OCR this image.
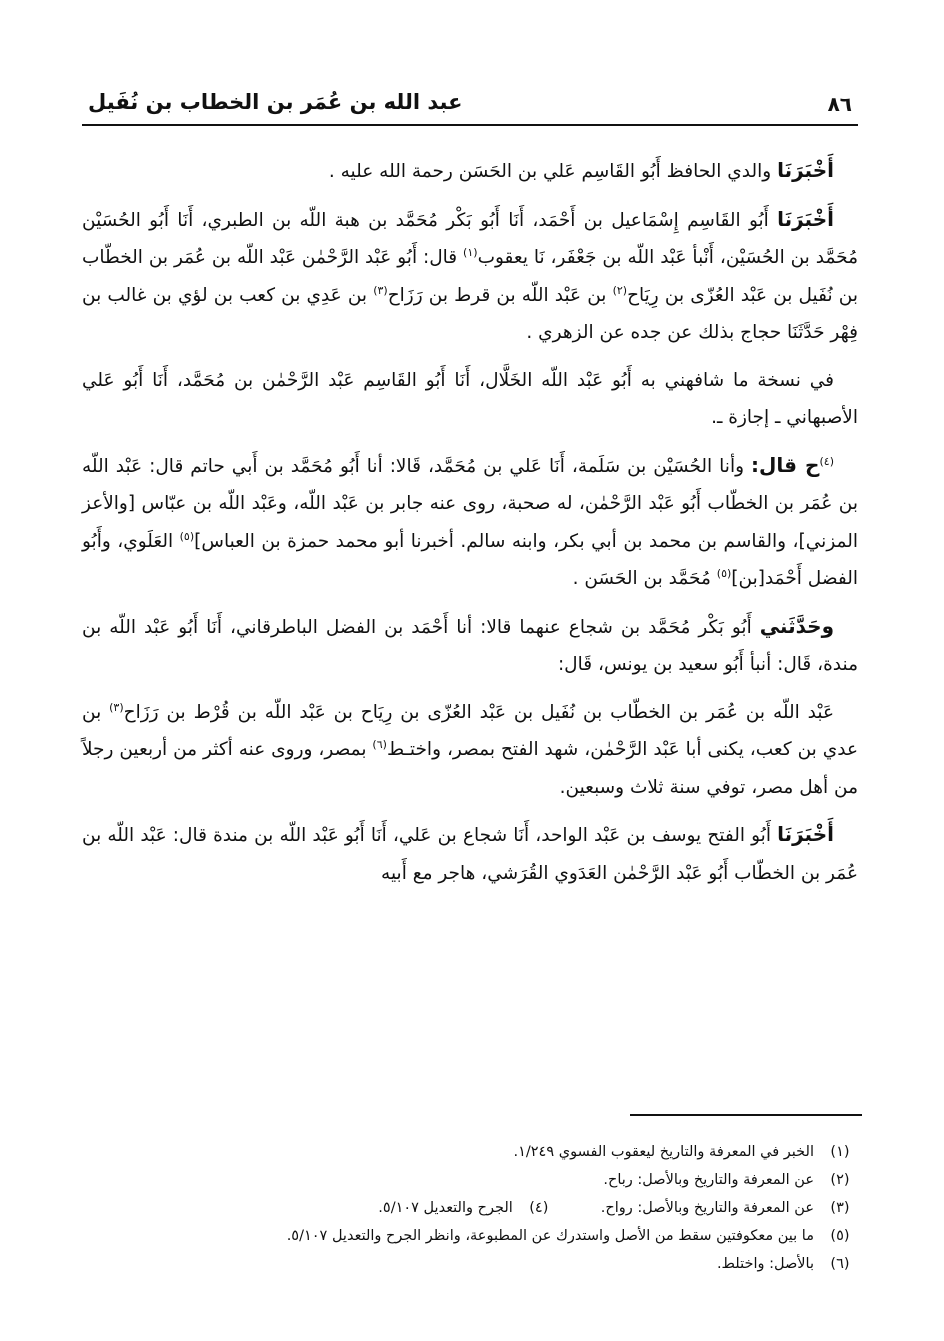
٨٦
عبد الله بن عُمَر بن الخطاب بن نُفَيل

أَخْبَرَنَا والدي الحافظ أَبُو القَاسِم عَلي بن الحَسَن رحمة الله عليه .

أَخْبَرَنَا أَبُو القَاسِم إِسْمَاعيل بن أَحْمَد، أَنَا أَبُو بَكْر مُحَمَّد بن هبة اللّه بن الطبري، أَنَا أَبُو الحُسَيْن مُحَمَّد بن الحُسَيْن، أَنْبأ عَبْد اللّه بن جَعْفَر، نَا يعقوب$^{(١)}$ قال: أَبُو عَبْد الرَّحْمٰن عَبْد اللّه بن عُمَر بن الخطّاب بن نُفَيل بن عَبْد العُزّى بن رِيَاح$^{(٢)}$ بن عَبْد اللّه بن قرط بن رَزَاح$^{(٣)}$ بن عَدِي بن كعب بن لؤي بن غالب بن فِهْر حَدَّثَنَا حجاج بذلك عن جده عن الزهري .

في نسخة ما شافهني به أَبُو عَبْد اللّه الخَلَّال، أَنَا أَبُو القَاسِم عَبْد الرَّحْمٰن بن مُحَمَّد، أَنَا أَبُو عَلي الأصبهاني ـ إجازة ـ.

$^{(٤)}$ح قال: وأنا الحُسَيْن بن سَلَمة، أَنَا عَلي بن مُحَمَّد، قَالا: أنا أَبُو مُحَمَّد بن أَبي حاتم قال: عَبْد اللّه بن عُمَر بن الخطّاب أَبُو عَبْد الرَّحْمٰن، له صحبة، روى عنه جابر بن عَبْد اللّه، وعَبْد اللّه بن عبّاس [والأعز المزني]، والقاسم بن محمد بن أبي بكر، وابنه سالم. أخبرنا أبو محمد حمزة بن العباس]$^{(٥)}$ العَلَوي، وأَبُو الفضل أَحْمَد[بن]$^{(٥)}$ مُحَمَّد بن الحَسَن .

وحَدَّثَني أَبُو بَكْر مُحَمَّد بن شجاع عنهما قالا: أنا أَحْمَد بن الفضل الباطرقاني، أَنَا أَبُو عَبْد اللّه بن مندة، قَال: أنبأ أَبُو سعيد بن يونس، قَال:

عَبْد اللّه بن عُمَر بن الخطّاب بن نُفَيل بن عَبْد العُزّى بن رِيَاح بن عَبْد اللّه بن قُرْط بن رَزَاح$^{(٣)}$ بن عدي بن كعب، يكنى أبا عَبْد الرَّحْمٰن، شهد الفتح بمصر، واختـط$^{(٦)}$ بمصر، وروى عنه أكثر من أربعين رجلاً من أهل مصر، توفي سنة ثلاث وسبعين.

أَخْبَرَنَا أَبُو الفتح يوسف بن عَبْد الواحد، أَنَا شجاع بن عَلي، أَنَا أَبُو عَبْد اللّه بن مندة قال: عَبْد اللّه بن عُمَر بن الخطّاب أَبُو عَبْد الرَّحْمٰن العَدَوي القُرَشي، هاجر مع أَبيه

(١)
الخبر في المعرفة والتاريخ ليعقوب الفسوي ١/٢٤٩.
(٢)
عن المعرفة والتاريخ وبالأصل: رباح.
(٣)
عن المعرفة والتاريخ وبالأصل: رواح.
(٤)
الجرح والتعديل ٥/١٠٧.
(٥)
ما بين معكوفتين سقط من الأصل واستدرك عن المطبوعة، وانظر الجرح والتعديل ٥/١٠٧.
(٦)
بالأصل: واختلط.
